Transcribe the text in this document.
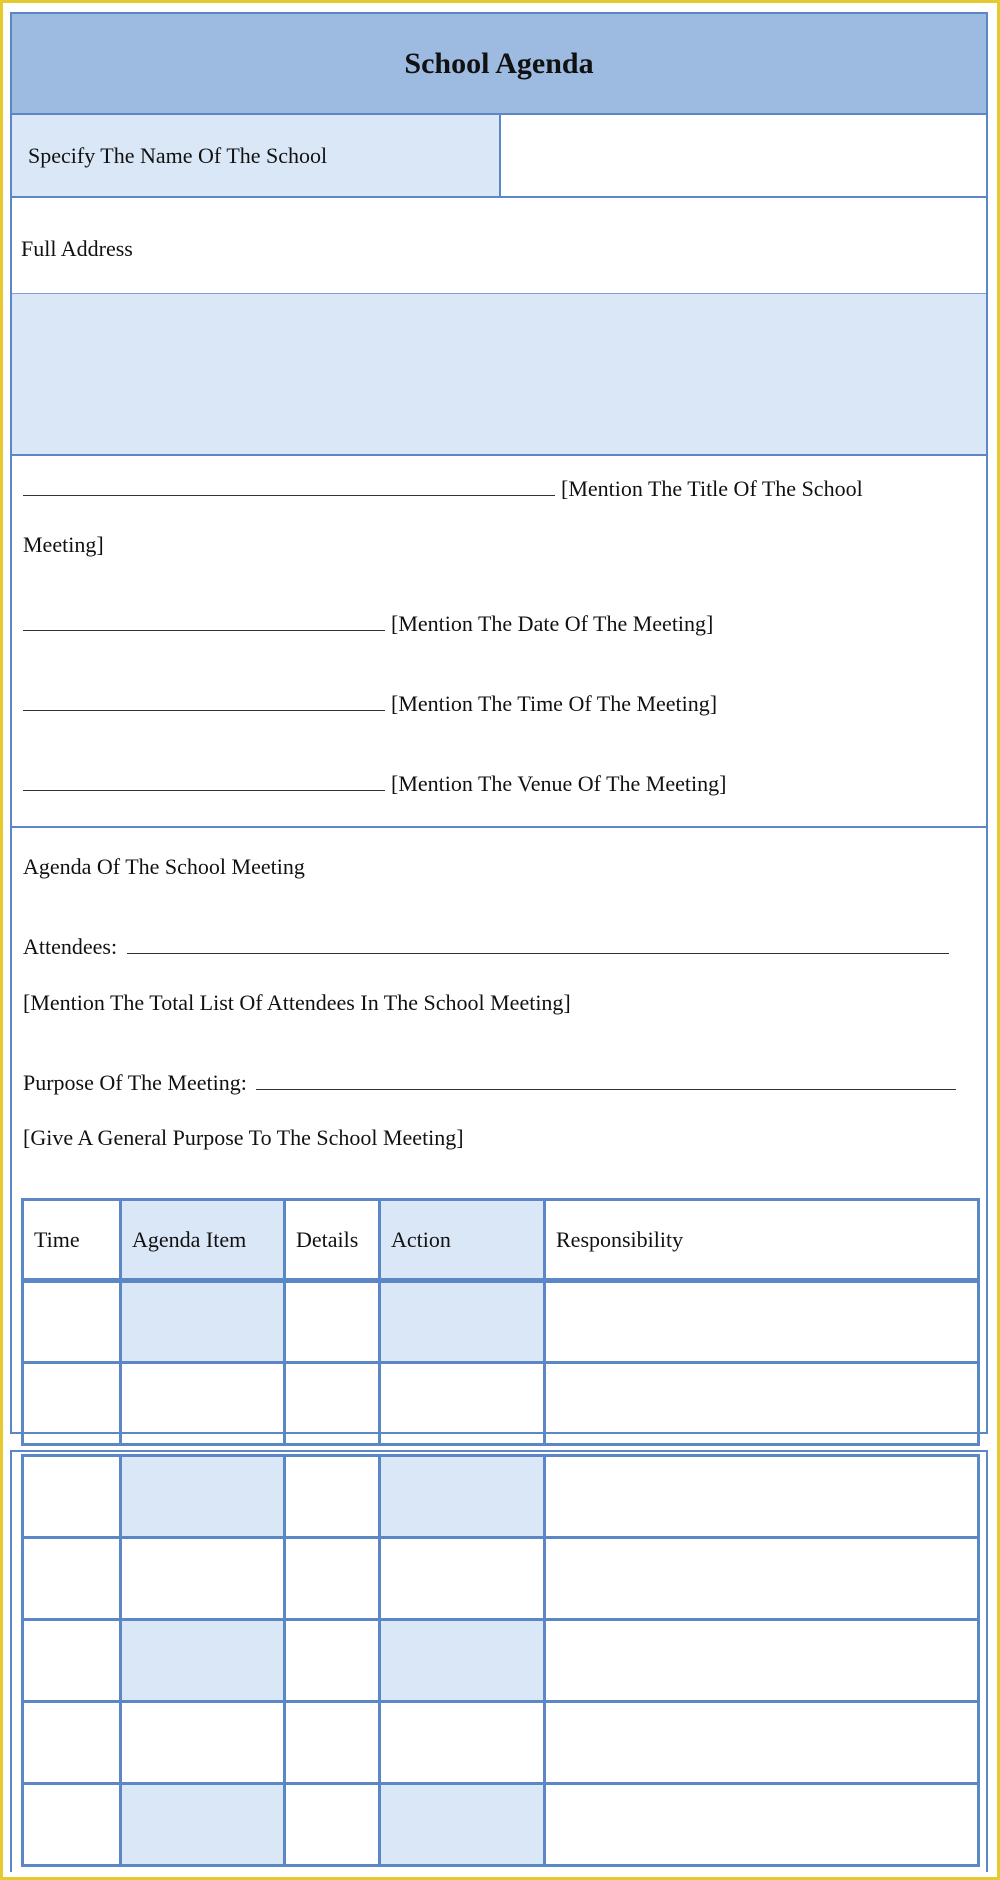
School Agenda
Specify The Name Of The School
Full Address
[Mention The Title Of The School
Meeting]
[Mention The Date Of The Meeting]
[Mention The Time Of The Meeting]
[Mention The Venue Of The Meeting]
Agenda Of The School Meeting
Attendees:
[Mention The Total List Of Attendees In The School Meeting]
Purpose Of The Meeting:
[Give A General Purpose To The School Meeting]
Time	Agenda Item	Details	Action	Responsibility
